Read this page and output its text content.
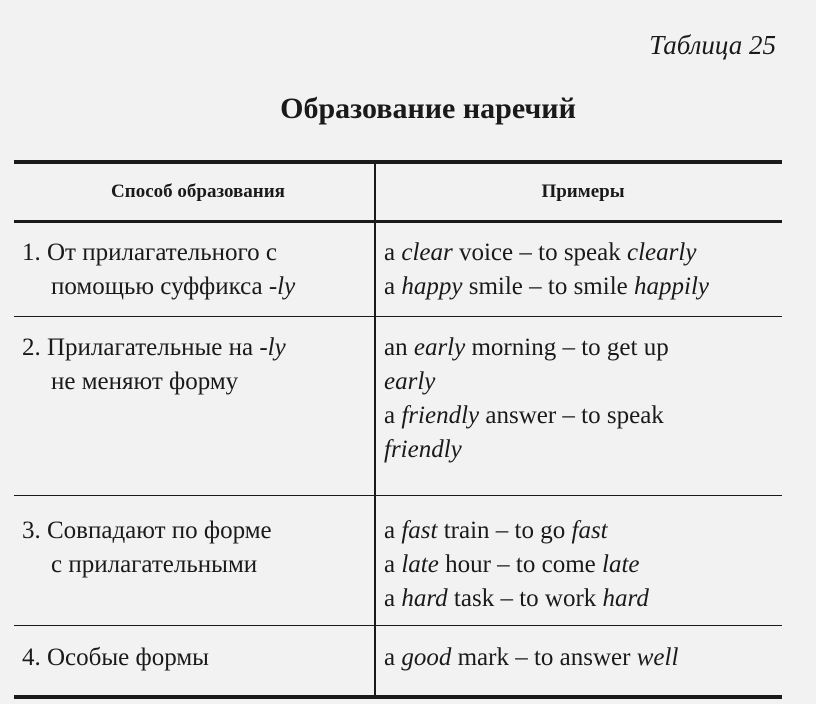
Таблица 25
Образование наречий
Способ образования	Примеры
1. От прилагательного с
помощью суффикса -ly
a clear voice – to speak clearly
a happy smile – to smile happily
2. Прилагательные на -ly
не меняют форму
an early morning – to get up
early
a friendly answer – to speak
friendly
3. Совпадают по форме
с прилагательными
a fast train – to go fast
a late hour – to come late
a hard task – to work hard
4. Особые формы	a good mark – to answer well
